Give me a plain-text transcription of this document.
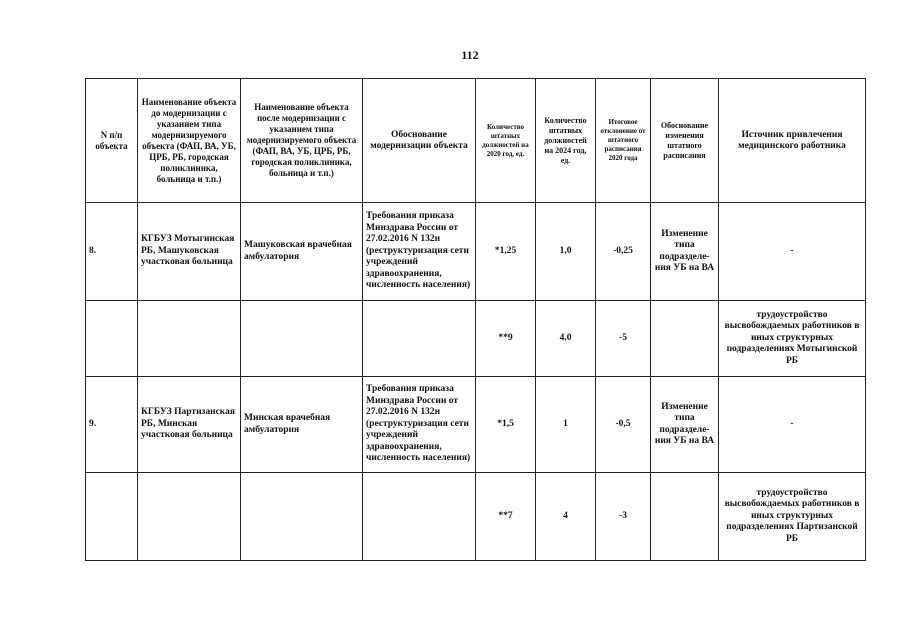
112
N п/п объекта	Наименование объекта до модернизации с указанием типа модернизируемого объекта (ФАП, ВА, УБ, ЦРБ, РБ, городская поликлиника, больница и т.п.)	Наименование объекта после модернизации с указанием типа модернизируемого объекта (ФАП, ВА, УБ, ЦРБ, РБ, городская поликлиника, больница и т.п.)	Обоснование модернизации объекта	Количество штатных должностей на 2020 год, ед.	Количество штатных должностей на 2024 год, ед.	Итоговое отклонение от штатного расписания 2020 года	Обоснование изменения штатного расписания	Источник привлечения медицинского работника
8.	КГБУЗ Мотыгинская РБ, Машуковская участковая больница	Машуковская врачебная амбулатория	Требования приказа Минздрава России от 27.02.2016 N 132н (реструктуризация сети учреждений здравоохранения, численность населения)	*1,25	1,0	-0,25	Изменение типа подразделе-ния УБ на ВА	-
				**9	4,0	-5		трудоустройство высвобождаемых работников в иных структурных подразделениях Мотыгинской РБ
9.	КГБУЗ Партизанская РБ, Минская участковая больница	Минская врачебная амбулатория	Требования приказа Минздрава России от 27.02.2016 N 132н (реструктуризация сети учреждений здравоохранения, численность населения)	*1,5	1	-0,5	Изменение типа подразделе-ния УБ на ВА	-
				**7	4	-3		трудоустройство высвобождаемых работников в иных структурных подразделениях Партизанской РБ
